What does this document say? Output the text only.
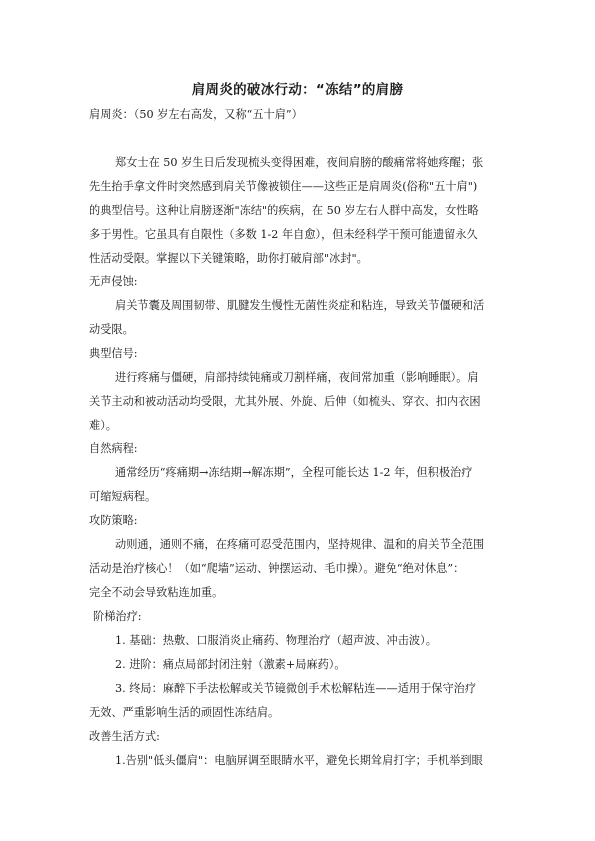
肩周炎的破冰行动：“冻结”的肩膀
肩周炎：（50 岁左右高发，又称“五十肩”）
郑女士在 50 岁生日后发现梳头变得困难，夜间肩膀的酸痛常将她疼醒；张
先生抬手拿文件时突然感到肩关节像被锁住——这些正是肩周炎(俗称"五十肩")
的典型信号。这种让肩膀逐渐"冻结"的疾病，在 50 岁左右人群中高发，女性略
多于男性。它虽具有自限性（多数 1-2 年自愈），但未经科学干预可能遗留永久
性活动受限。掌握以下关键策略，助你打破肩部"冰封"。
无声侵蚀:
肩关节囊及周围韧带、肌腱发生慢性无菌性炎症和粘连，导致关节僵硬和活
动受限。
典型信号:
进行疼痛与僵硬，肩部持续钝痛或刀割样痛，夜间常加重（影响睡眠）。肩
关节主动和被动活动均受限，尤其外展、外旋、后伸（如梳头、穿衣、扣内衣困
难）。
自然病程:
通常经历“疼痛期→冻结期→解冻期”，全程可能长达 1-2 年，但积极治疗
可缩短病程。
攻防策略:
动则通，通则不痛，在疼痛可忍受范围内，坚持规律、温和的肩关节全范围
活动是治疗核心！（如“爬墙”运动、钟摆运动、毛巾操）。避免“绝对休息”：
完全不动会导致粘连加重。
阶梯治疗:
1. 基础：热敷、口服消炎止痛药、物理治疗（超声波、冲击波）。
2. 进阶：痛点局部封闭注射（激素+局麻药）。
3. 终局：麻醉下手法松解或关节镜微创手术松解粘连——适用于保守治疗
无效、严重影响生活的顽固性冻结肩。
改善生活方式:
1.告别"低头僵肩"：电脑屏调至眼睛水平，避免长期耸肩打字；手机举到眼
